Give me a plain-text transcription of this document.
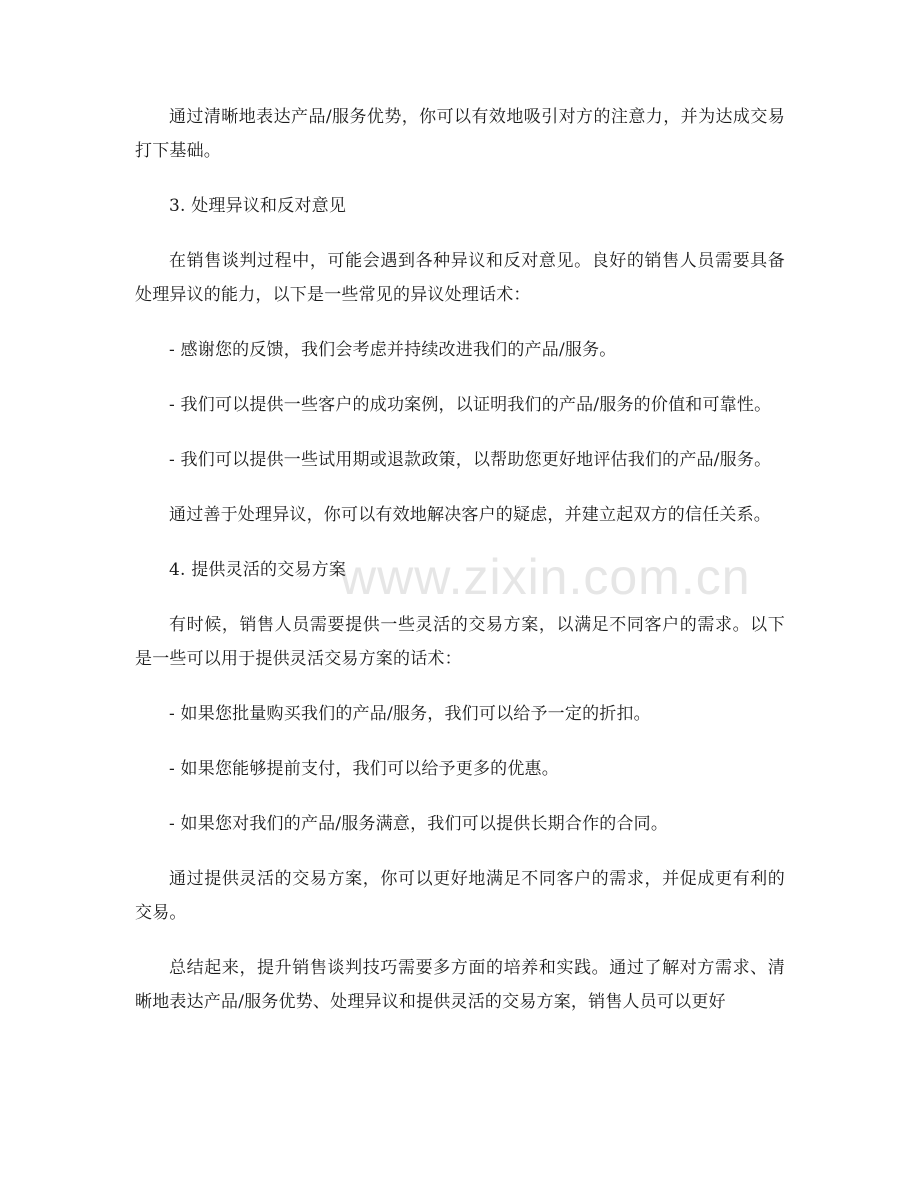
www.zixin.com.cn

通过清晰地表达产品/服务优势，你可以有效地吸引对方的注意力，并为达成交易打下基础。

3. 处理异议和反对意见

在销售谈判过程中，可能会遇到各种异议和反对意见。良好的销售人员需要具备处理异议的能力，以下是一些常见的异议处理话术：

- 感谢您的反馈，我们会考虑并持续改进我们的产品/服务。

- 我们可以提供一些客户的成功案例，以证明我们的产品/服务的价值和可靠性。

- 我们可以提供一些试用期或退款政策，以帮助您更好地评估我们的产品/服务。

通过善于处理异议，你可以有效地解决客户的疑虑，并建立起双方的信任关系。

4. 提供灵活的交易方案

有时候，销售人员需要提供一些灵活的交易方案，以满足不同客户的需求。以下是一些可以用于提供灵活交易方案的话术：

- 如果您批量购买我们的产品/服务，我们可以给予一定的折扣。

- 如果您能够提前支付，我们可以给予更多的优惠。

- 如果您对我们的产品/服务满意，我们可以提供长期合作的合同。

通过提供灵活的交易方案，你可以更好地满足不同客户的需求，并促成更有利的交易。

总结起来，提升销售谈判技巧需要多方面的培养和实践。通过了解对方需求、清晰地表达产品/服务优势、处理异议和提供灵活的交易方案，销售人员可以更好
